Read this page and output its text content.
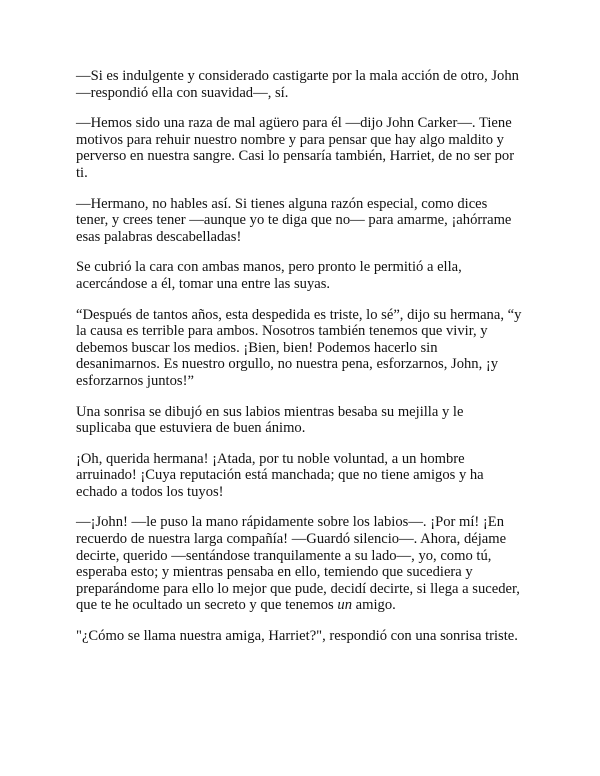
—Si es indulgente y considerado castigarte por la mala acción de otro, John
—respondió ella con suavidad—, sí.

—Hemos sido una raza de mal agüero para él —dijo John Carker—. Tiene
motivos para rehuir nuestro nombre y para pensar que hay algo maldito y
perverso en nuestra sangre. Casi lo pensaría también, Harriet, de no ser por
ti.

—Hermano, no hables así. Si tienes alguna razón especial, como dices
tener, y crees tener —aunque yo te diga que no— para amarme, ¡ahórrame
esas palabras descabelladas!

Se cubrió la cara con ambas manos, pero pronto le permitió a ella,
acercándose a él, tomar una entre las suyas.

“Después de tantos años, esta despedida es triste, lo sé”, dijo su hermana, “y
la causa es terrible para ambos. Nosotros también tenemos que vivir, y
debemos buscar los medios. ¡Bien, bien! Podemos hacerlo sin
desanimarnos. Es nuestro orgullo, no nuestra pena, esforzarnos, John, ¡y
esforzarnos juntos!”

Una sonrisa se dibujó en sus labios mientras besaba su mejilla y le
suplicaba que estuviera de buen ánimo.

¡Oh, querida hermana! ¡Atada, por tu noble voluntad, a un hombre
arruinado! ¡Cuya reputación está manchada; que no tiene amigos y ha
echado a todos los tuyos!

—¡John! —le puso la mano rápidamente sobre los labios—. ¡Por mí! ¡En
recuerdo de nuestra larga compañía! —Guardó silencio—. Ahora, déjame
decirte, querido —sentándose tranquilamente a su lado—, yo, como tú,
esperaba esto; y mientras pensaba en ello, temiendo que sucediera y
preparándome para ello lo mejor que pude, decidí decirte, si llega a suceder,
que te he ocultado un secreto y que tenemos un amigo.

"¿Cómo se llama nuestra amiga, Harriet?", respondió con una sonrisa triste.
